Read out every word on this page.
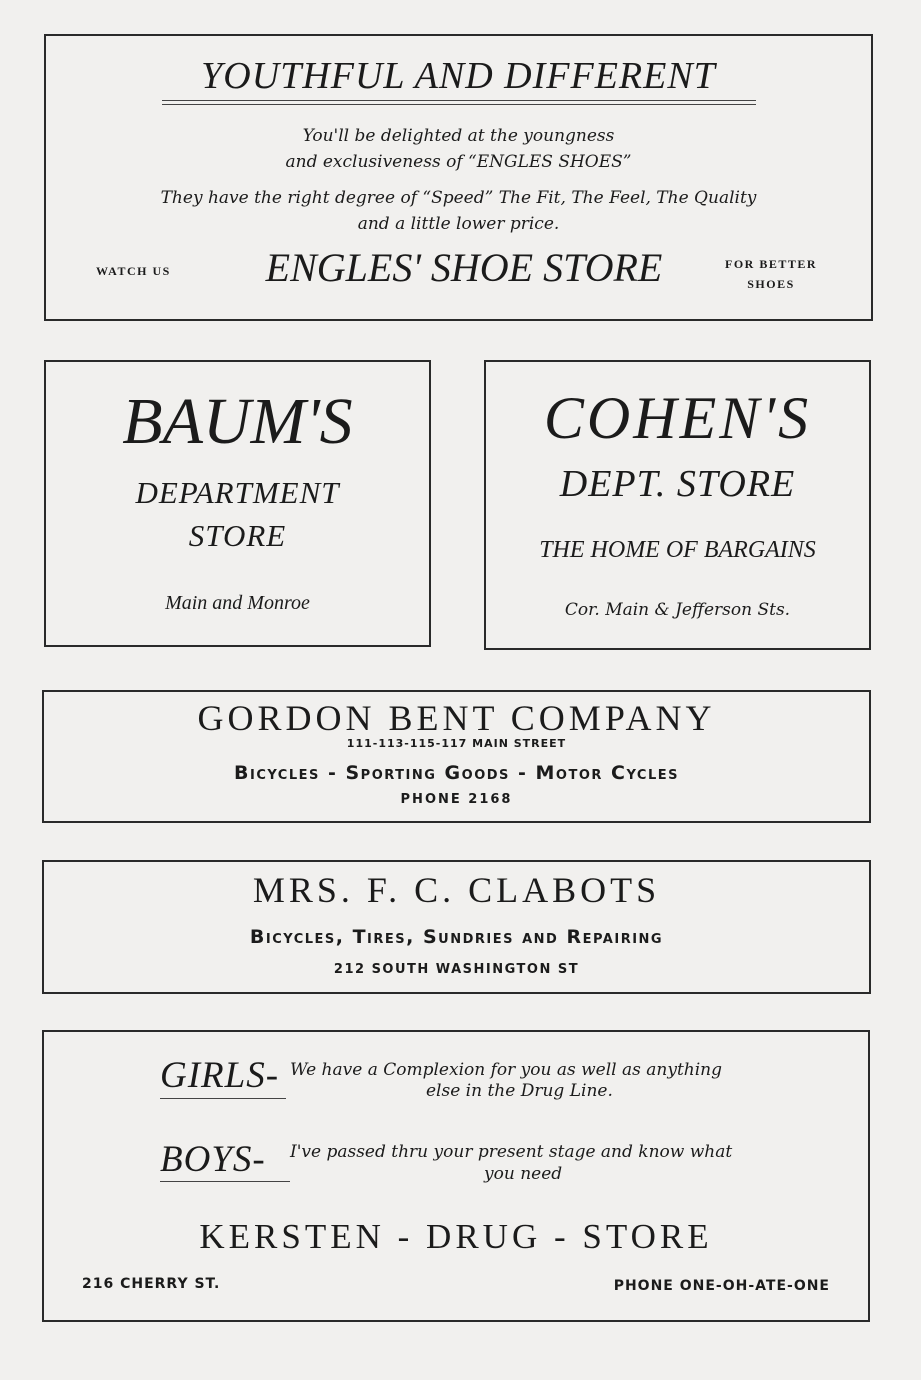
YOUTHFUL AND DIFFERENT
You'll be delighted at the youngness
and exclusiveness of “ENGLES SHOES”
They have the right degree of “Speed” The Fit, The Feel, The Quality
and a little lower price.
WATCH US	ENGLES' SHOE STORE	FOR BETTER
SHOES
BAUM'S
DEPARTMENT
STORE
Main and Monroe
COHEN'S
DEPT. STORE
THE HOME OF BARGAINS
Cor. Main & Jefferson Sts.
GORDON BENT COMPANY
111-113-115-117 MAIN STREET
Bicycles - Sporting Goods - Motor Cycles
PHONE 2168
MRS. F. C. CLABOTS
Bicycles, Tires, Sundries and Repairing
212 SOUTH WASHINGTON ST
GIRLS- We have a Complexion for you as well as anything
else in the Drug Line.
BOYS- I've passed thru your present stage and know what
you need
KERSTEN - DRUG - STORE
216 CHERRY ST.	PHONE ONE-OH-ATE-ONE
